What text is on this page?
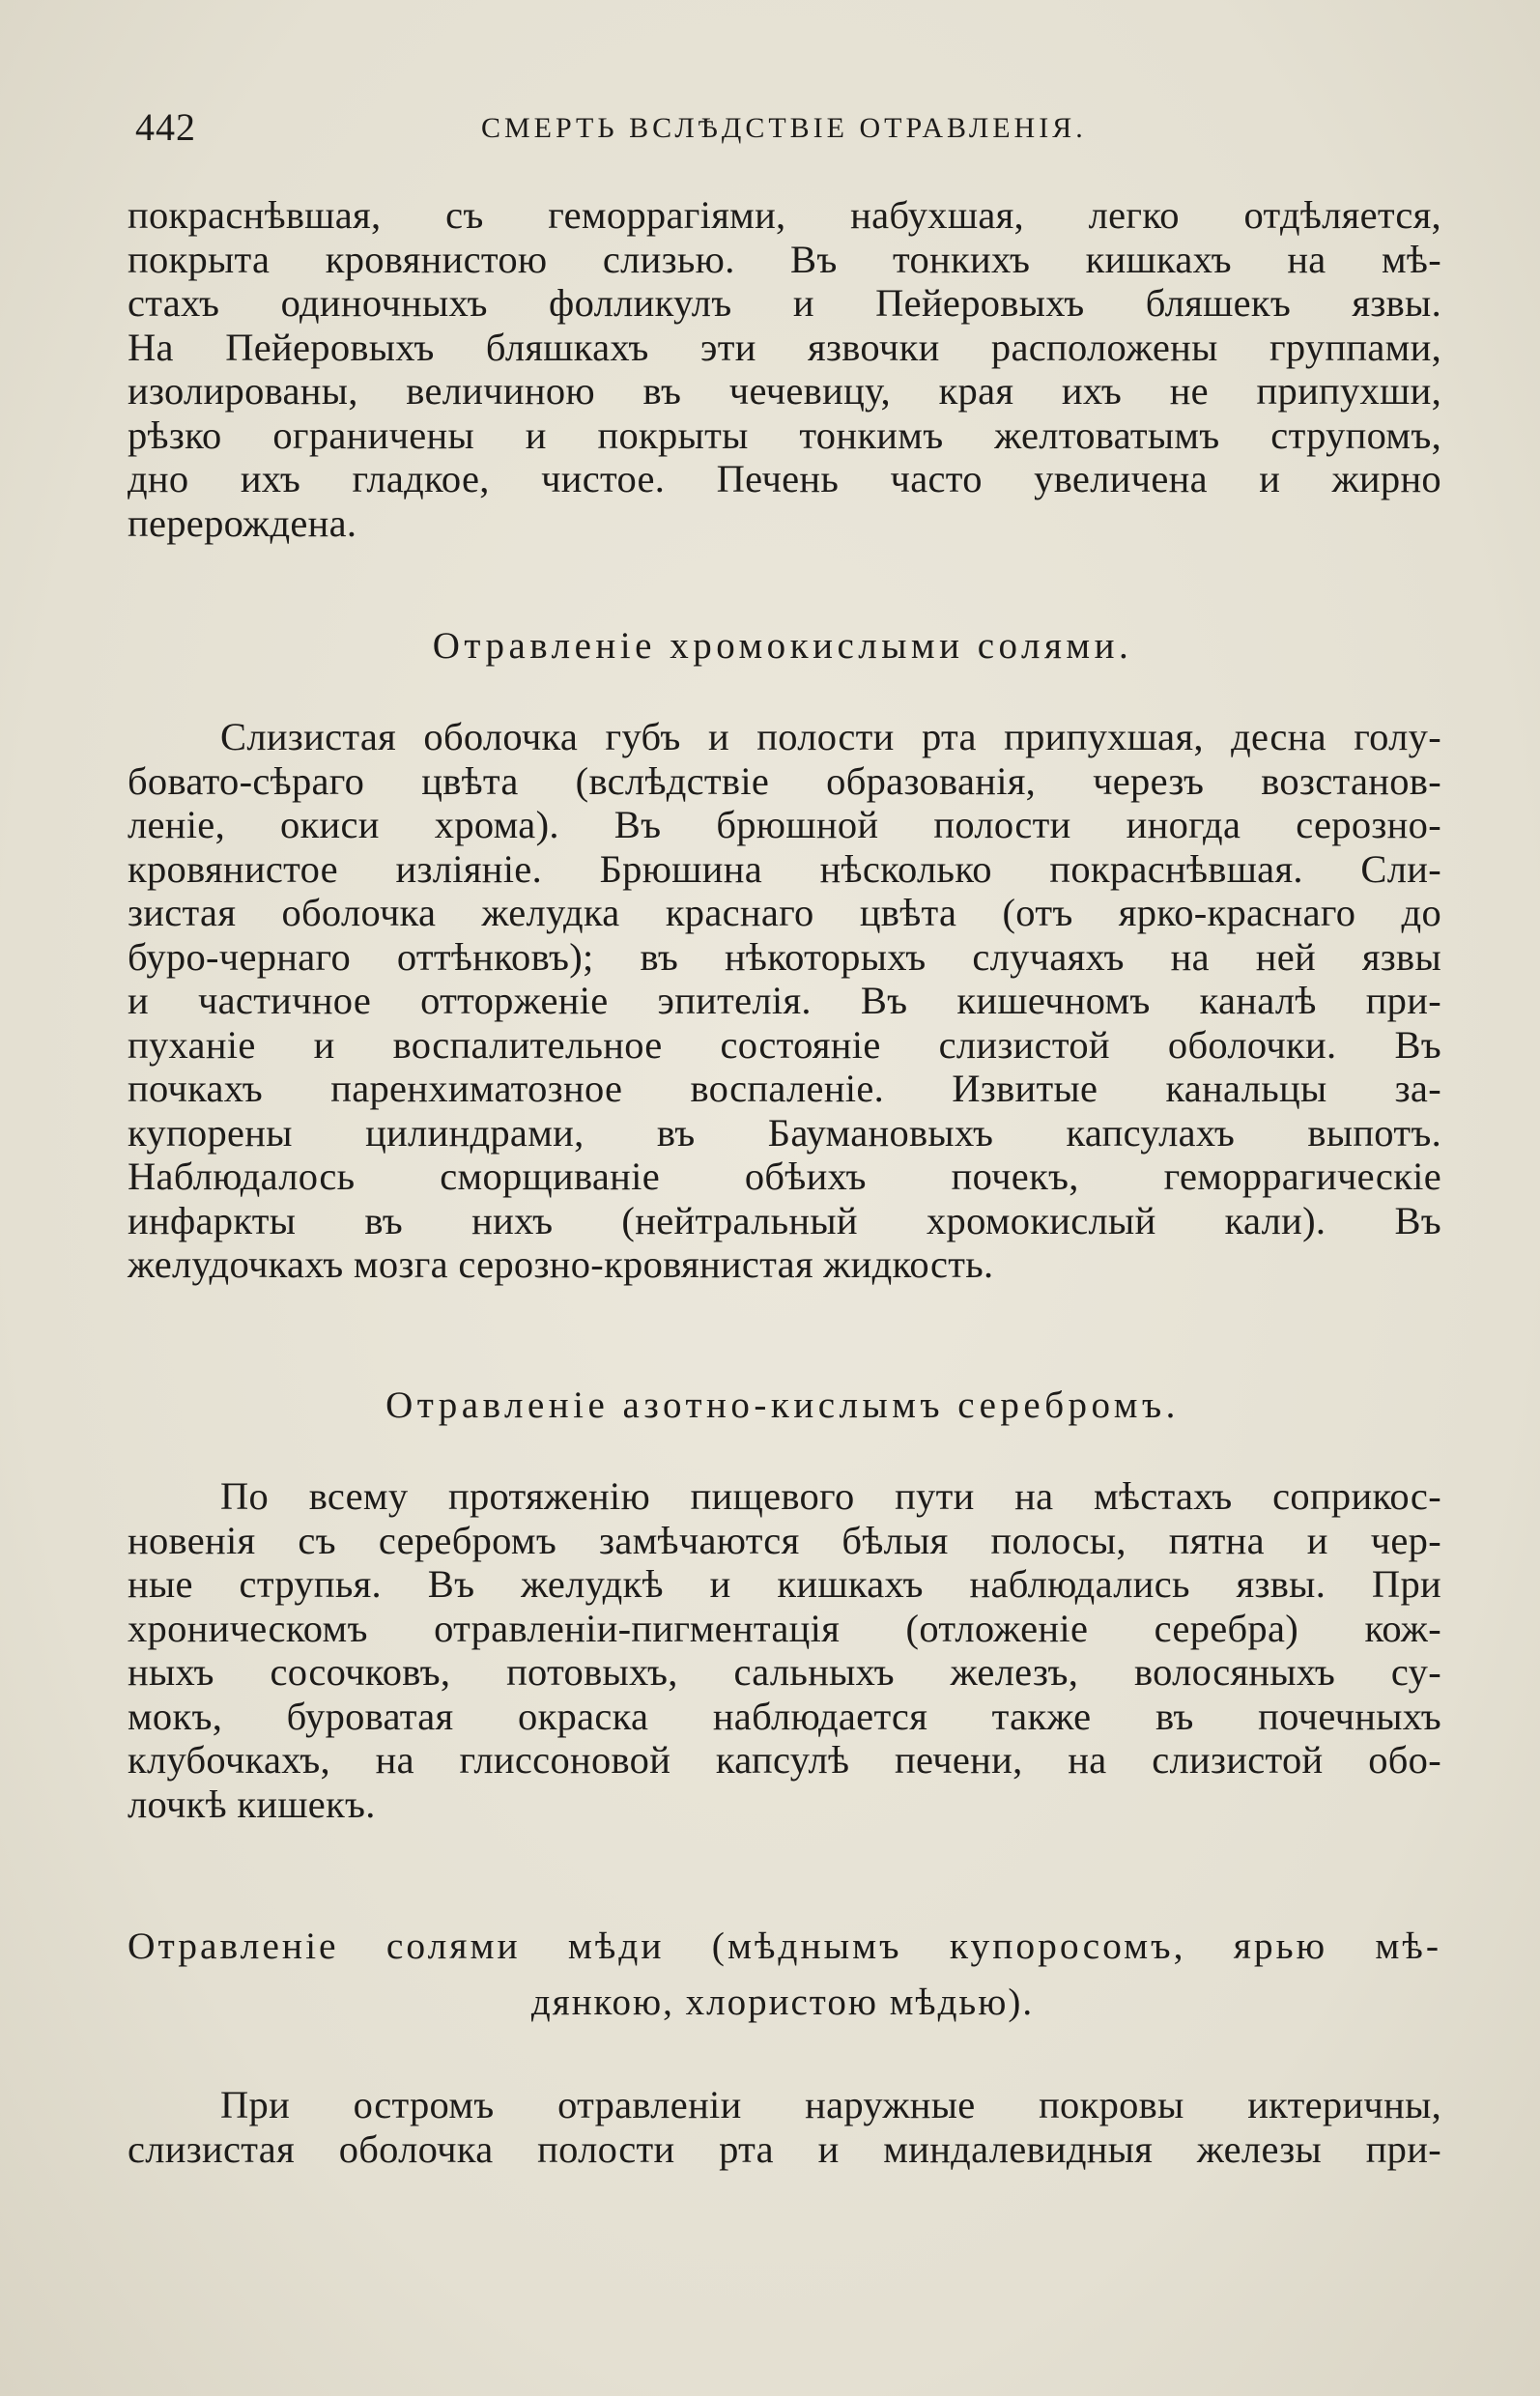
442	СМЕРТЬ ВСЛѢДСТВІЕ ОТРАВЛЕНІЯ.
покраснѣвшая, съ геморрагіями, набухшая, легко отдѣляется,
покрыта кровянистою слизью. Въ тонкихъ кишкахъ на мѣ-
стахъ одиночныхъ фолликулъ и Пейеровыхъ бляшекъ язвы.
На Пейеровыхъ бляшкахъ эти язвочки расположены группами,
изолированы, величиною въ чечевицу, края ихъ не припухши,
рѣзко ограничены и покрыты тонкимъ желтоватымъ струпомъ,
дно ихъ гладкое, чистое. Печень часто увеличена и жирно
перерождена.
Отравленіе хромокислыми солями.
Слизистая оболочка губъ и полости рта припухшая, десна голу-
бовато-сѣраго цвѣта (вслѣдствіе образованія, черезъ возстанов-
леніе, окиси хрома). Въ брюшной полости иногда серозно-
кровянистое изліяніе. Брюшина нѣсколько покраснѣвшая. Сли-
зистая оболочка желудка краснаго цвѣта (отъ ярко-краснаго до
буро-чернаго оттѣнковъ); въ нѣкоторыхъ случаяхъ на ней язвы
и частичное отторженіе эпителія. Въ кишечномъ каналѣ при-
пуханіе и воспалительное состояніе слизистой оболочки. Въ
почкахъ паренхиматозное воспаленіе. Извитые канальцы за-
купорены цилиндрами, въ Баумановыхъ капсулахъ выпотъ.
Наблюдалось сморщиваніе обѣихъ почекъ, геморрагическіе
инфаркты въ нихъ (нейтральный хромокислый кали). Въ
желудочкахъ мозга серозно-кровянистая жидкость.
Отравленіе азотно-кислымъ серебромъ.
По всему протяженію пищевого пути на мѣстахъ соприкос-
новенія съ серебромъ замѣчаются бѣлыя полосы, пятна и чер-
ные струпья. Въ желудкѣ и кишкахъ наблюдались язвы. При
хроническомъ отравленіи-пигментація (отложеніе серебра) кож-
ныхъ сосочковъ, потовыхъ, сальныхъ железъ, волосяныхъ су-
мокъ, буроватая окраска наблюдается также въ почечныхъ
клубочкахъ, на глиссоновой капсулѣ печени, на слизистой обо-
лочкѣ кишекъ.
Отравленіе солями мѣди (мѣднымъ купоросомъ, ярью мѣ-
дянкою, хлористою мѣдью).
При остромъ отравленіи наружные покровы иктеричны,
слизистая оболочка полости рта и миндалевидныя железы при-
